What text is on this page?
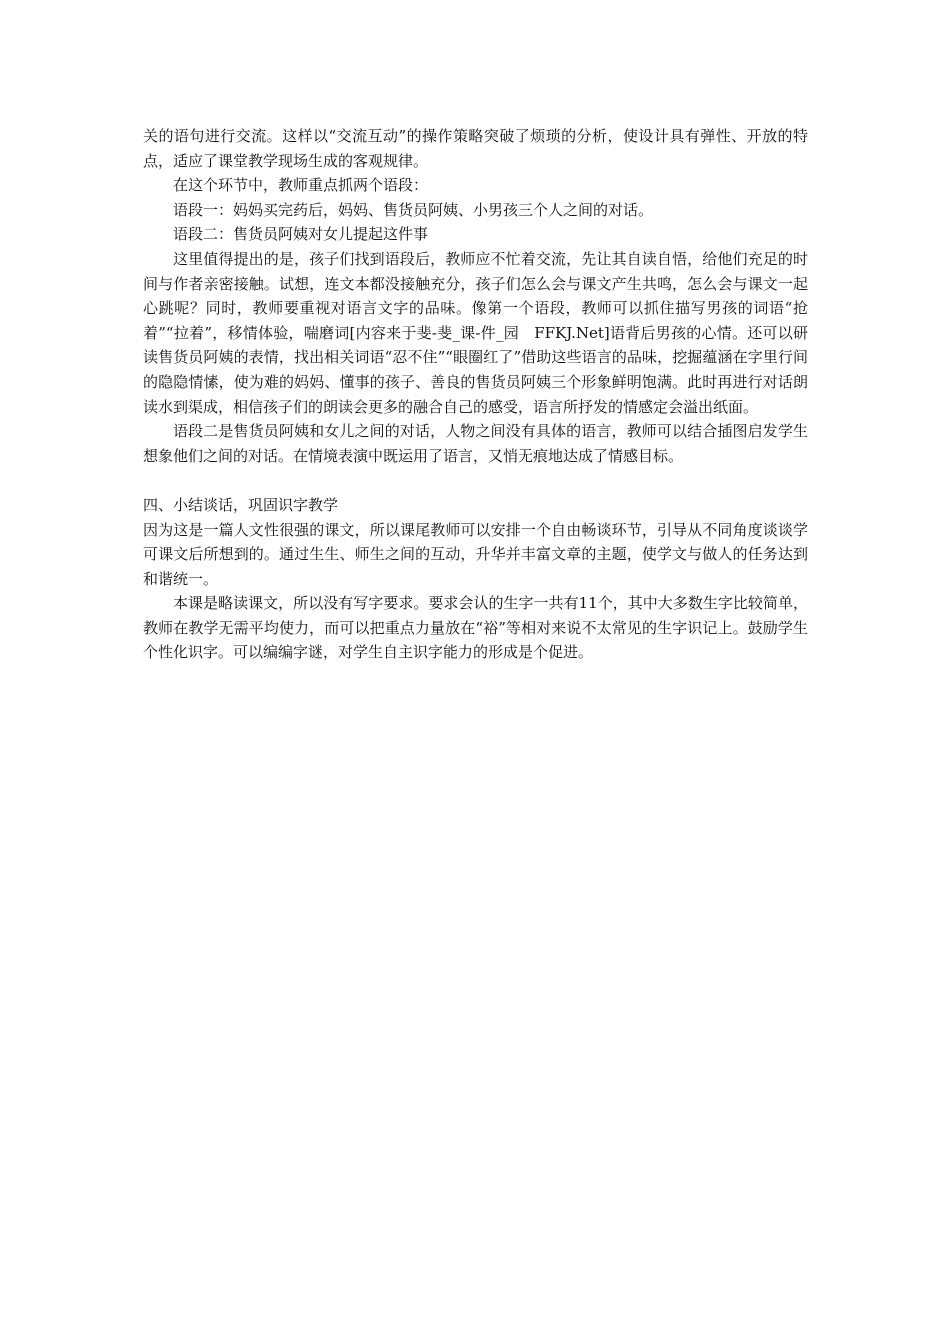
关的语句进行交流。这样以“交流互动”的操作策略突破了烦琐的分析，使设计具有弹性、开放的特点，适应了课堂教学现场生成的客观规律。

在这个环节中，教师重点抓两个语段：

语段一：妈妈买完药后，妈妈、售货员阿姨、小男孩三个人之间的对话。

语段二：售货员阿姨对女儿提起这件事

这里值得提出的是，孩子们找到语段后，教师应不忙着交流，先让其自读自悟，给他们充足的时间与作者亲密接触。试想，连文本都没接触充分，孩子们怎么会与课文产生共鸣，怎么会与课文一起心跳呢？同时，教师要重视对语言文字的品味。像第一个语段，教师可以抓住描写男孩的词语“抢着”“拉着”，移情体验，喘磨词[内容来于斐-斐_课-件_园　FFKJ.Net]语背后男孩的心情。还可以研读售货员阿姨的表情，找出相关词语“忍不住”“眼圈红了”借助这些语言的品味，挖掘蕴涵在字里行间的隐隐情愫，使为难的妈妈、懂事的孩子、善良的售货员阿姨三个形象鲜明饱满。此时再进行对话朗读水到渠成，相信孩子们的朗读会更多的融合自己的感受，语言所抒发的情感定会溢出纸面。

语段二是售货员阿姨和女儿之间的对话，人物之间没有具体的语言，教师可以结合插图启发学生想象他们之间的对话。在情境表演中既运用了语言，又悄无痕地达成了情感目标。

四、小结谈话，巩固识字教学

因为这是一篇人文性很强的课文，所以课尾教师可以安排一个自由畅谈环节，引导从不同角度谈谈学可课文后所想到的。通过生生、师生之间的互动，升华并丰富文章的主题，使学文与做人的任务达到和谐统一。

本课是略读课文，所以没有写字要求。要求会认的生字一共有11个，其中大多数生字比较简单，教师在教学无需平均使力，而可以把重点力量放在“裕”等相对来说不太常见的生字识记上。鼓励学生个性化识字。可以编编字谜，对学生自主识字能力的形成是个促进。
